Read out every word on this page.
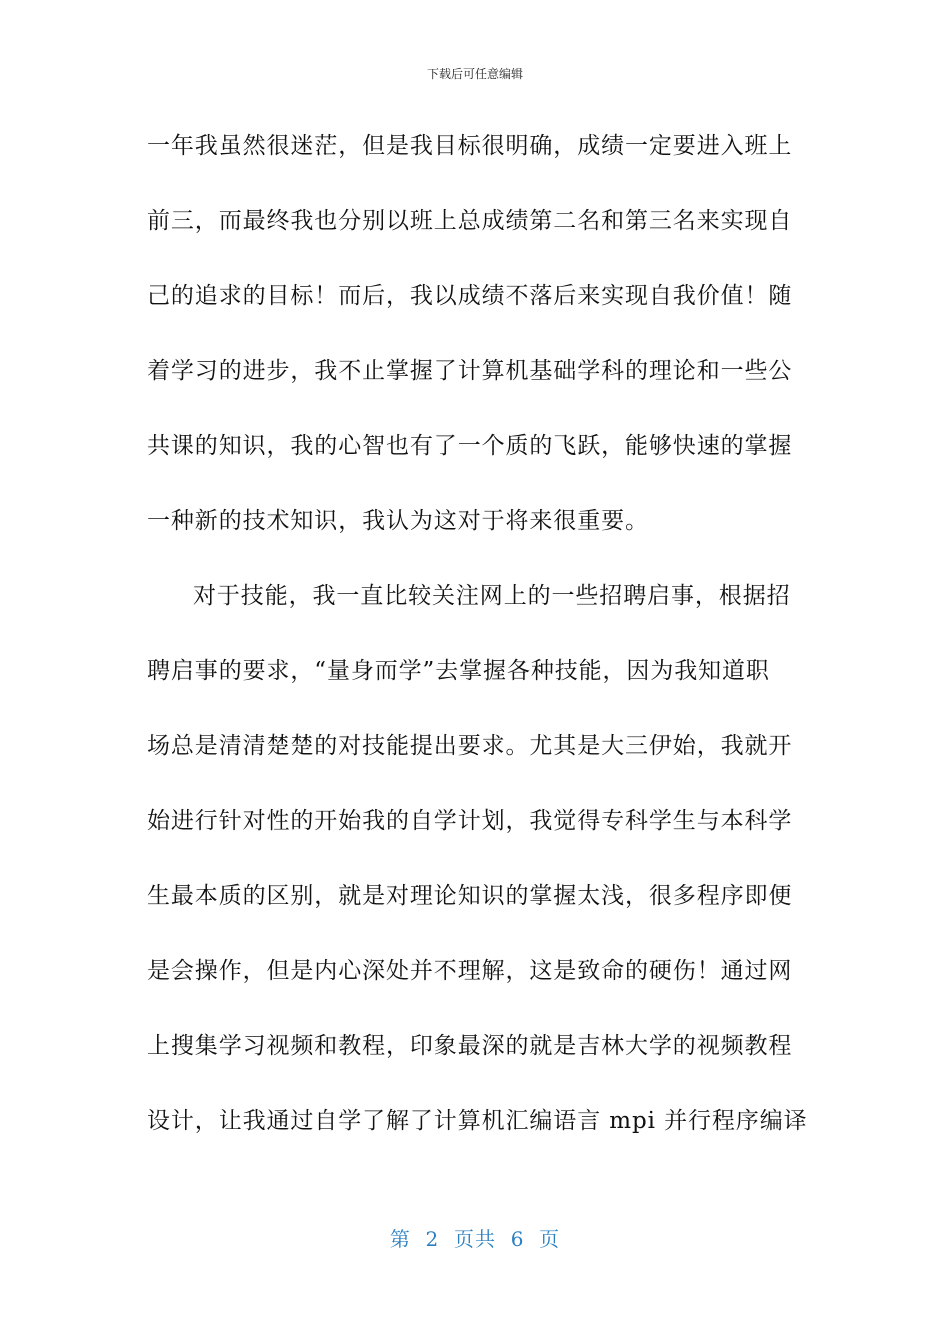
下载后可任意编辑
一年我虽然很迷茫，但是我目标很明确，成绩一定要进入班上
前三，而最终我也分别以班上总成绩第二名和第三名来实现自
己的追求的目标！而后，我以成绩不落后来实现自我价值！随
着学习的进步，我不止掌握了计算机基础学科的理论和一些公
共课的知识，我的心智也有了一个质的飞跃，能够快速的掌握
一种新的技术知识，我认为这对于将来很重要。
对于技能，我一直比较关注网上的一些招聘启事，根据招
聘启事的要求，“量身而学”去掌握各种技能，因为我知道职
场总是清清楚楚的对技能提出要求。尤其是大三伊始，我就开
始进行针对性的开始我的自学计划，我觉得专科学生与本科学
生最本质的区别，就是对理论知识的掌握太浅，很多程序即便
是会操作，但是内心深处并不理解，这是致命的硬伤！通过网
上搜集学习视频和教程，印象最深的就是吉林大学的视频教程
设计，让我通过自学了解了计算机汇编语言 mpi 并行程序编译
第  2  页共  6  页
